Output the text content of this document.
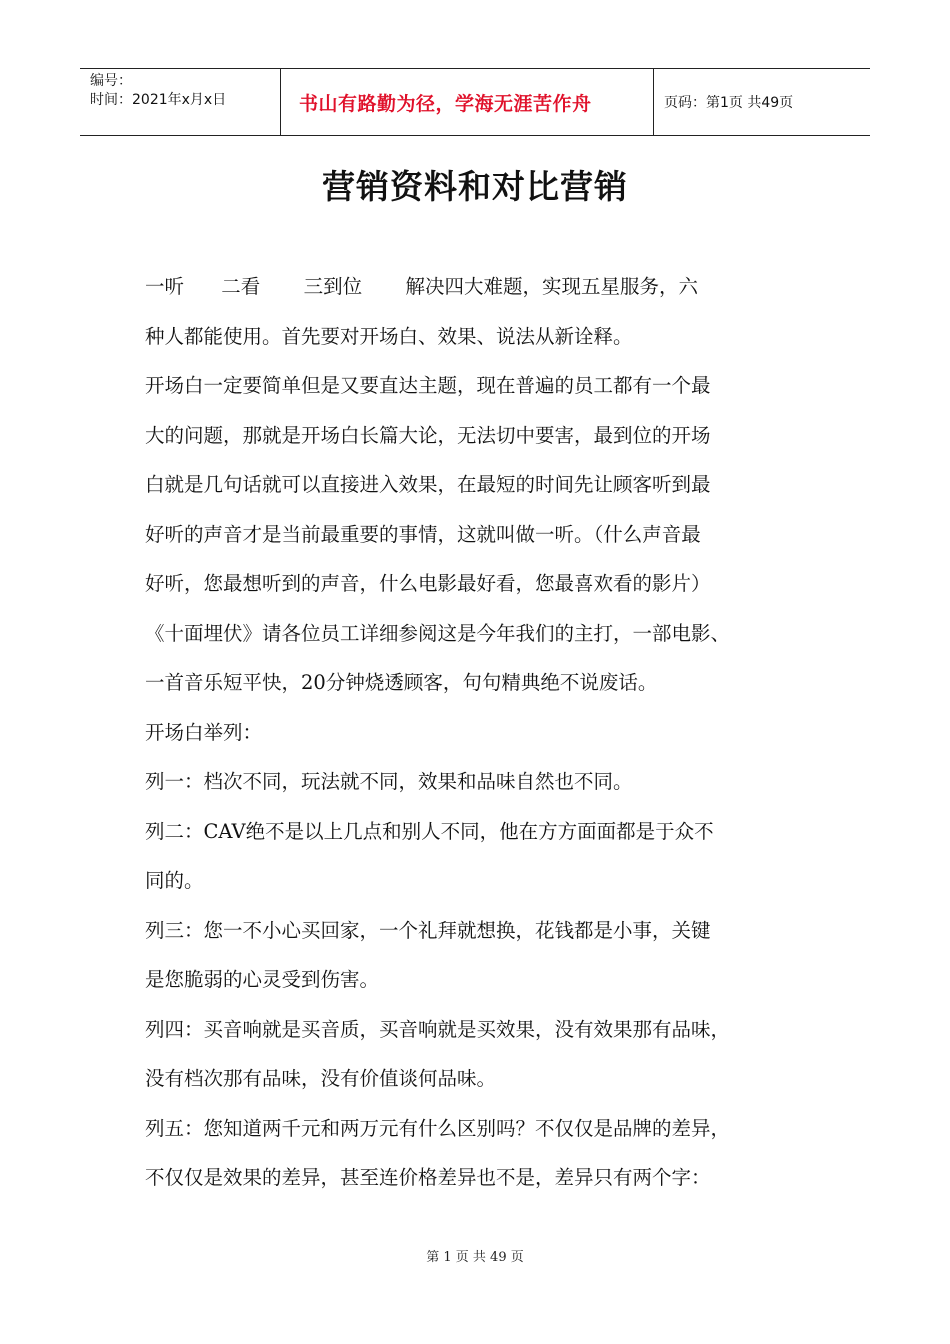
编号：
时间：2021年x月x日	书山有路勤为径，学海无涯苦作舟	页码：第1页 共49页
营销资料和对比营销
一听      二看       三到位       解决四大难题，实现五星服务，六
种人都能使用。首先要对开场白、效果、说法从新诠释。
开场白一定要简单但是又要直达主题，现在普遍的员工都有一个最
大的问题，那就是开场白长篇大论，无法切中要害，最到位的开场
白就是几句话就可以直接进入效果，在最短的时间先让顾客听到最
好听的声音才是当前最重要的事情，这就叫做一听。（什么声音最
好听，您最想听到的声音，什么电影最好看，您最喜欢看的影片）
《十面埋伏》请各位员工详细参阅这是今年我们的主打，一部电影、
一首音乐短平快，20分钟烧透顾客，句句精典绝不说废话。
开场白举列：
列一：档次不同，玩法就不同，效果和品味自然也不同。
列二：CAV绝不是以上几点和别人不同，他在方方面面都是于众不
同的。
列三：您一不小心买回家，一个礼拜就想换，花钱都是小事，关键
是您脆弱的心灵受到伤害。
列四：买音响就是买音质，买音响就是买效果，没有效果那有品味，
没有档次那有品味，没有价值谈何品味。
列五：您知道两千元和两万元有什么区别吗？不仅仅是品牌的差异，
不仅仅是效果的差异，甚至连价格差异也不是，差异只有两个字：
第 1 页 共 49 页
